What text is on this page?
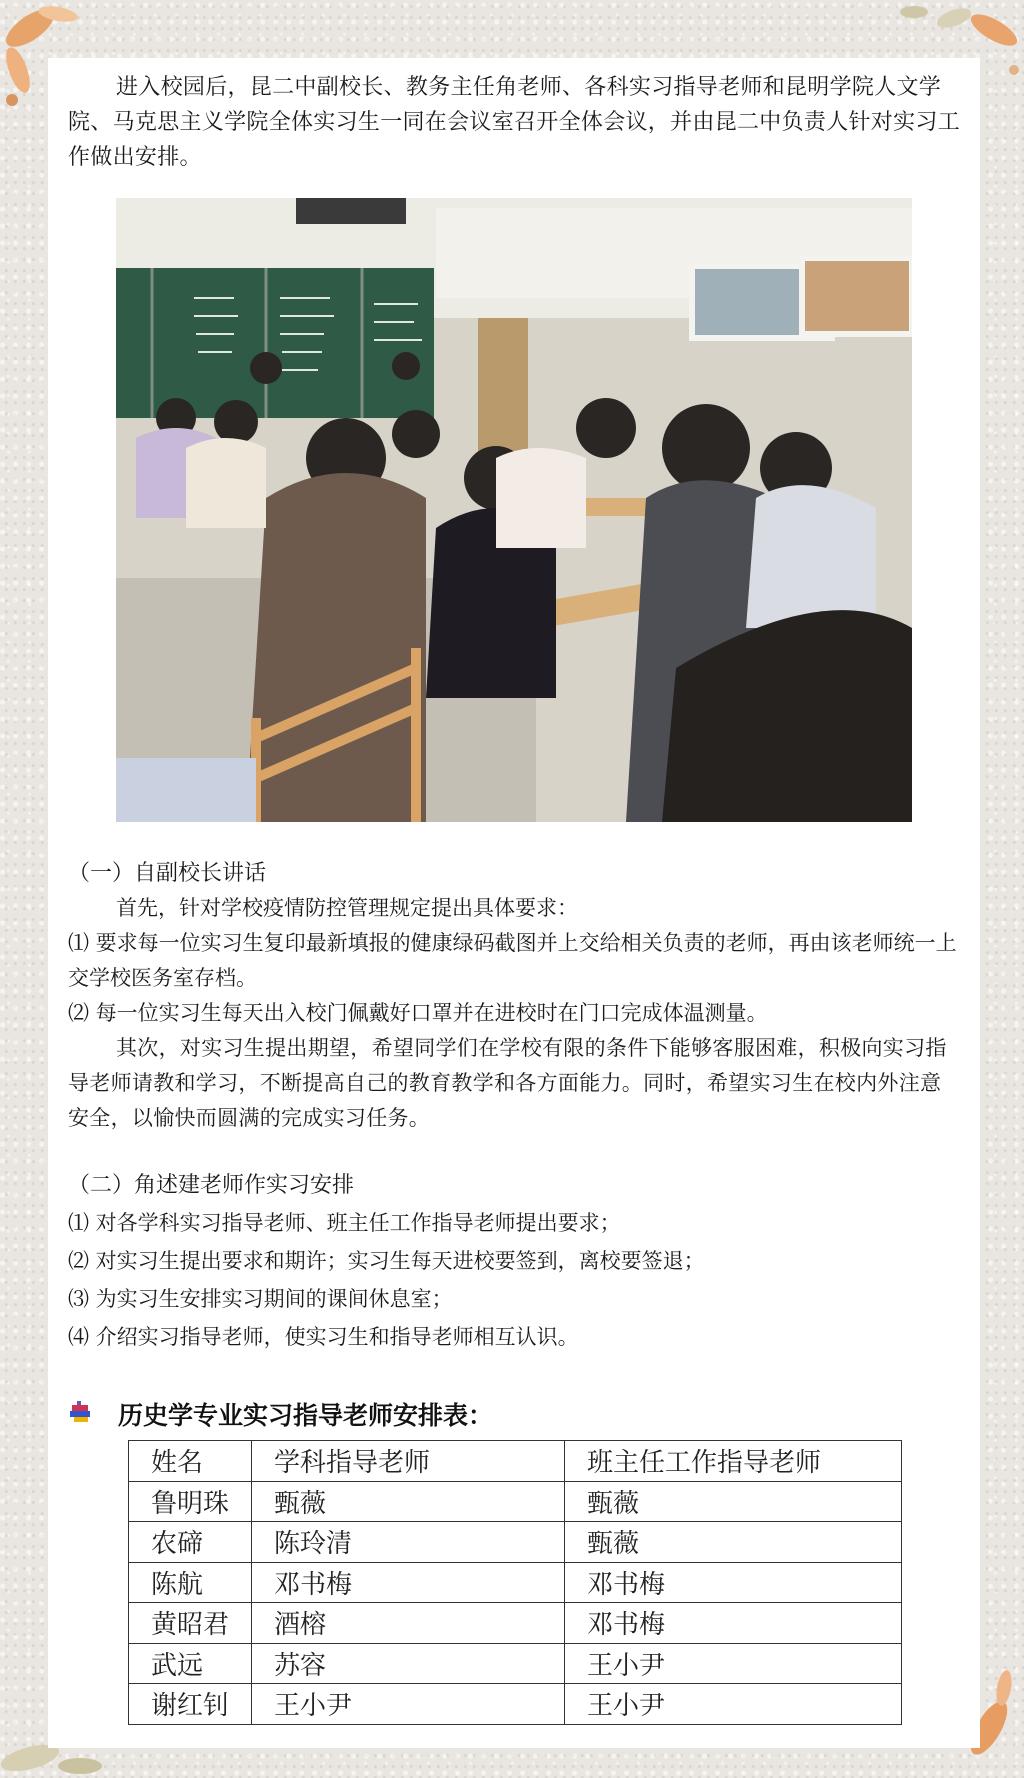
进入校园后，昆二中副校长、教务主任角老师、各科实习指导老师和昆明学院人文学院、马克思主义学院全体实习生一同在会议室召开全体会议，并由昆二中负责人针对实习工作做出安排。

（一）自副校长讲话

首先，针对学校疫情防控管理规定提出具体要求：

⑴ 要求每一位实习生复印最新填报的健康绿码截图并上交给相关负责的老师，再由该老师统一上交学校医务室存档。

⑵ 每一位实习生每天出入校门佩戴好口罩并在进校时在门口完成体温测量。

其次，对实习生提出期望，希望同学们在学校有限的条件下能够客服困难，积极向实习指导老师请教和学习，不断提高自己的教育教学和各方面能力。同时，希望实习生在校内外注意安全，以愉快而圆满的完成实习任务。

（二）角述建老师作实习安排

⑴ 对各学科实习指导老师、班主任工作指导老师提出要求；

⑵ 对实习生提出要求和期许；实习生每天进校要签到，离校要签退；

⑶ 为实习生安排实习期间的课间休息室；

⑷ 介绍实习指导老师，使实习生和指导老师相互认识。

历史学专业实习指导老师安排表：
姓名	学科指导老师	班主任工作指导老师
鲁明珠	甄薇	甄薇
农碲	陈玲清	甄薇
陈航	邓书梅	邓书梅
黄昭君	酒榕	邓书梅
武远	苏容	王小尹
谢红钊	王小尹	王小尹
